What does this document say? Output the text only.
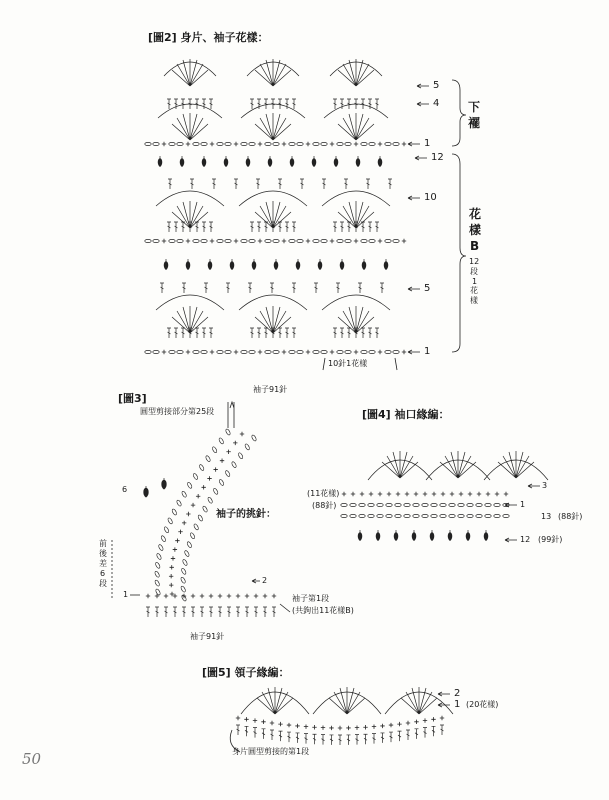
[圖2] 身片、袖子花樣：
下
襬
花
樣
B
12
段
1
花
樣
5
4
1
12
10
5
1
10針1花樣
[圖3]
袖子91針
圓型剪接部分第25段
袖子的挑針：
前
後
差
6
段
6
2
1	袖子第1段
(共鉤出11花樣B)
袖子91針
[圖4] 袖口緣編：
(11花樣)
(88針)
3
1
13 (88針)
12 (99針)
[圖5] 領子緣編：
2
1 (20花樣)
身片圓型剪接的第1段
50
